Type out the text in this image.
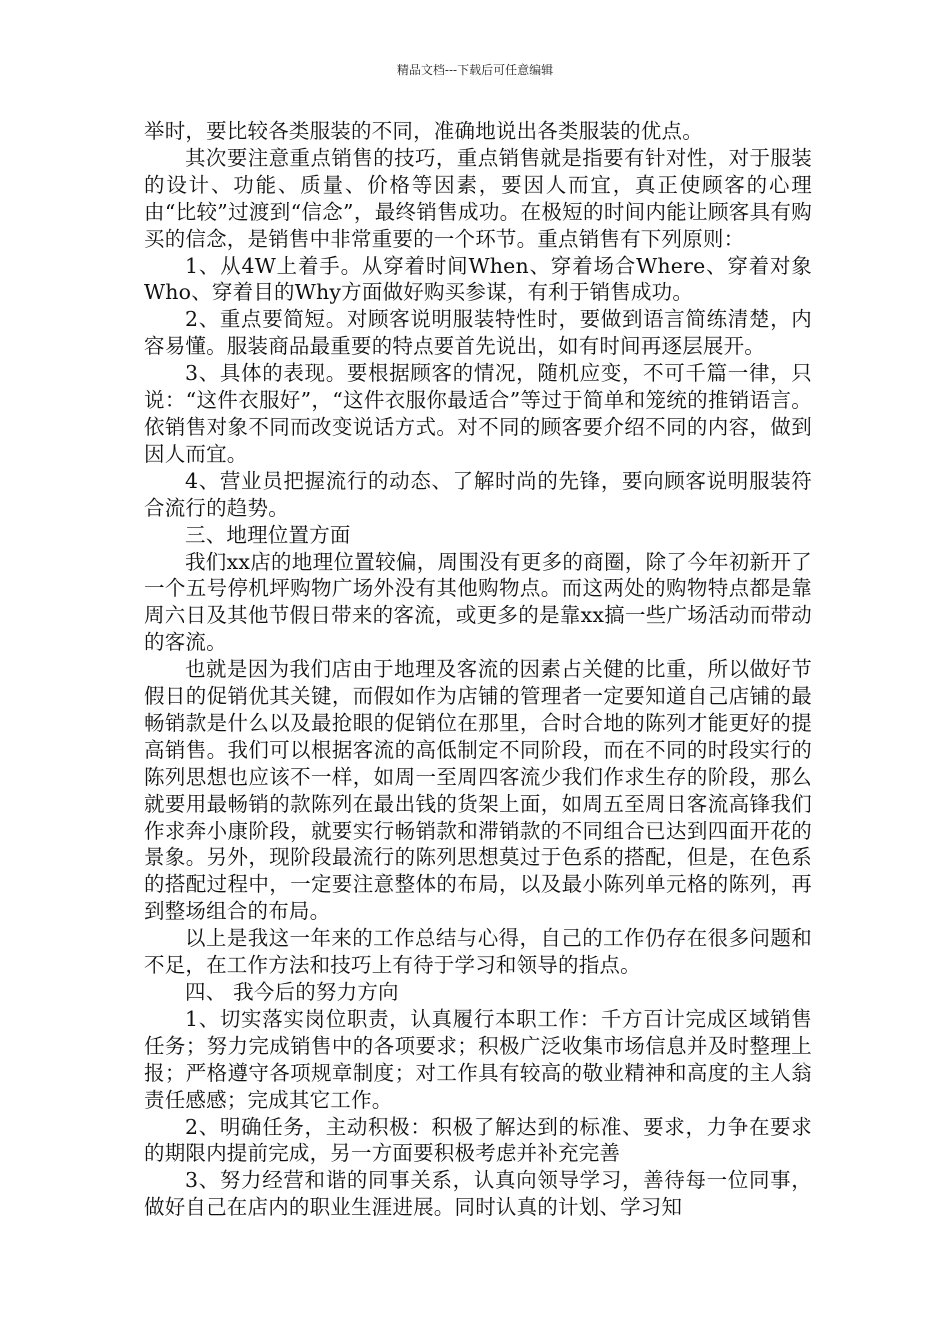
精品文档---下载后可任意编辑

举时，要比较各类服装的不同，准确地说出各类服装的优点。

其次要注意重点销售的技巧，重点销售就是指要有针对性，对于服装的设计、功能、质量、价格等因素，要因人而宜，真正使顾客的心理由“比较”过渡到“信念”，最终销售成功。在极短的时间内能让顾客具有购买的信念，是销售中非常重要的一个环节。重点销售有下列原则：

1、从4W上着手。从穿着时间When、穿着场合Where、穿着对象Who、穿着目的Why方面做好购买参谋，有利于销售成功。

2、重点要简短。对顾客说明服装特性时，要做到语言简练清楚，内容易懂。服装商品最重要的特点要首先说出，如有时间再逐层展开。

3、具体的表现。要根据顾客的情况，随机应变，不可千篇一律，只说：“这件衣服好”，“这件衣服你最适合”等过于简单和笼统的推销语言。依销售对象不同而改变说话方式。对不同的顾客要介绍不同的内容，做到因人而宜。

4、营业员把握流行的动态、了解时尚的先锋，要向顾客说明服装符合流行的趋势。

三、地理位置方面

我们xx店的地理位置较偏，周围没有更多的商圈，除了今年初新开了一个五号停机坪购物广场外没有其他购物点。而这两处的购物特点都是靠周六日及其他节假日带来的客流，或更多的是靠xx搞一些广场活动而带动的客流。

也就是因为我们店由于地理及客流的因素占关健的比重，所以做好节假日的促销优其关键，而假如作为店铺的管理者一定要知道自己店铺的最畅销款是什么以及最抢眼的促销位在那里，合时合地的陈列才能更好的提高销售。我们可以根据客流的高低制定不同阶段，而在不同的时段实行的陈列思想也应该不一样，如周一至周四客流少我们作求生存的阶段，那么就要用最畅销的款陈列在最出钱的货架上面，如周五至周日客流高锋我们作求奔小康阶段，就要实行畅销款和滞销款的不同组合已达到四面开花的景象。另外，现阶段最流行的陈列思想莫过于色系的搭配，但是，在色系的搭配过程中，一定要注意整体的布局，以及最小陈列单元格的陈列，再到整场组合的布局。

以上是我这一年来的工作总结与心得，自己的工作仍存在很多问题和不足，在工作方法和技巧上有待于学习和领导的指点。

四、 我今后的努力方向

1、切实落实岗位职责，认真履行本职工作：千方百计完成区域销售任务；努力完成销售中的各项要求；积极广泛收集市场信息并及时整理上报；严格遵守各项规章制度；对工作具有较高的敬业精神和高度的主人翁责任感感；完成其它工作。

2、明确任务，主动积极：积极了解达到的标准、要求，力争在要求的期限内提前完成，另一方面要积极考虑并补充完善

3、努力经营和谐的同事关系，认真向领导学习，善待每一位同事，做好自己在店内的职业生涯进展。同时认真的计划、学习知
